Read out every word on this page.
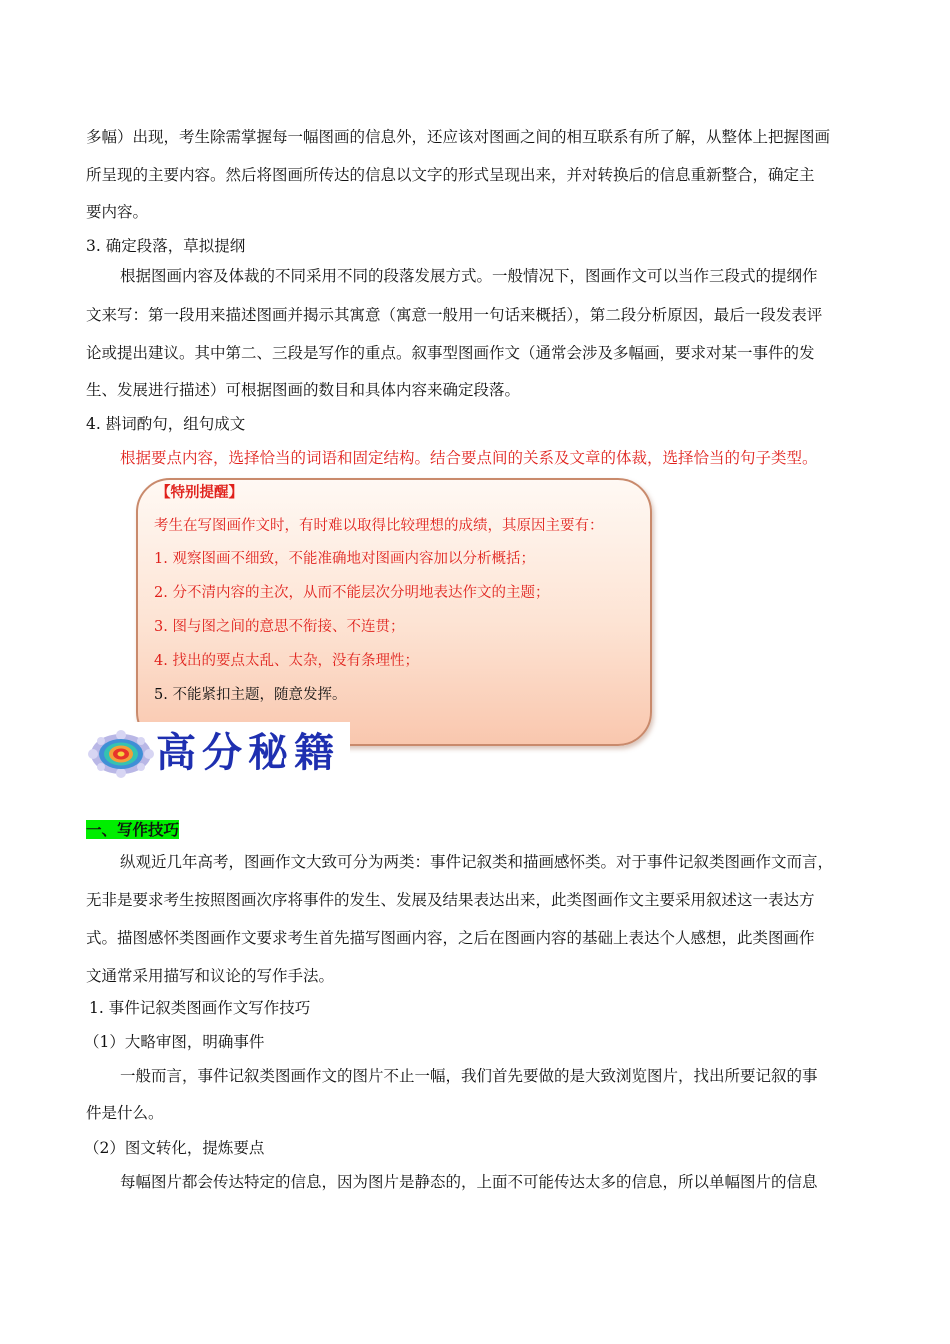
多幅）出现，考生除需掌握每一幅图画的信息外，还应该对图画之间的相互联系有所了解，从整体上把握图画
所呈现的主要内容。然后将图画所传达的信息以文字的形式呈现出来，并对转换后的信息重新整合，确定主
要内容。
3. 确定段落，草拟提纲
根据图画内容及体裁的不同采用不同的段落发展方式。一般情况下，图画作文可以当作三段式的提纲作
文来写：第一段用来描述图画并揭示其寓意（寓意一般用一句话来概括），第二段分析原因，最后一段发表评
论或提出建议。其中第二、三段是写作的重点。叙事型图画作文（通常会涉及多幅画，要求对某一事件的发
生、发展进行描述）可根据图画的数目和具体内容来确定段落。
4. 斟词酌句，组句成文
根据要点内容，选择恰当的词语和固定结构。结合要点间的关系及文章的体裁，选择恰当的句子类型。
【特别提醒】
考生在写图画作文时，有时难以取得比较理想的成绩，其原因主要有：
1. 观察图画不细致，不能准确地对图画内容加以分析概括；
2. 分不清内容的主次，从而不能层次分明地表达作文的主题；
3. 图与图之间的意思不衔接、不连贯；
4. 找出的要点太乱、太杂，没有条理性；
5. 不能紧扣主题，随意发挥。
高分秘籍
一、写作技巧
纵观近几年高考，图画作文大致可分为两类：事件记叙类和描画感怀类。对于事件记叙类图画作文而言，
无非是要求考生按照图画次序将事件的发生、发展及结果表达出来，此类图画作文主要采用叙述这一表达方
式。描图感怀类图画作文要求考生首先描写图画内容，之后在图画内容的基础上表达个人感想，此类图画作
文通常采用描写和议论的写作手法。
1. 事件记叙类图画作文写作技巧
（1）大略审图，明确事件
一般而言，事件记叙类图画作文的图片不止一幅，我们首先要做的是大致浏览图片，找出所要记叙的事
件是什么。
（2）图文转化，提炼要点
每幅图片都会传达特定的信息，因为图片是静态的，上面不可能传达太多的信息，所以单幅图片的信息
